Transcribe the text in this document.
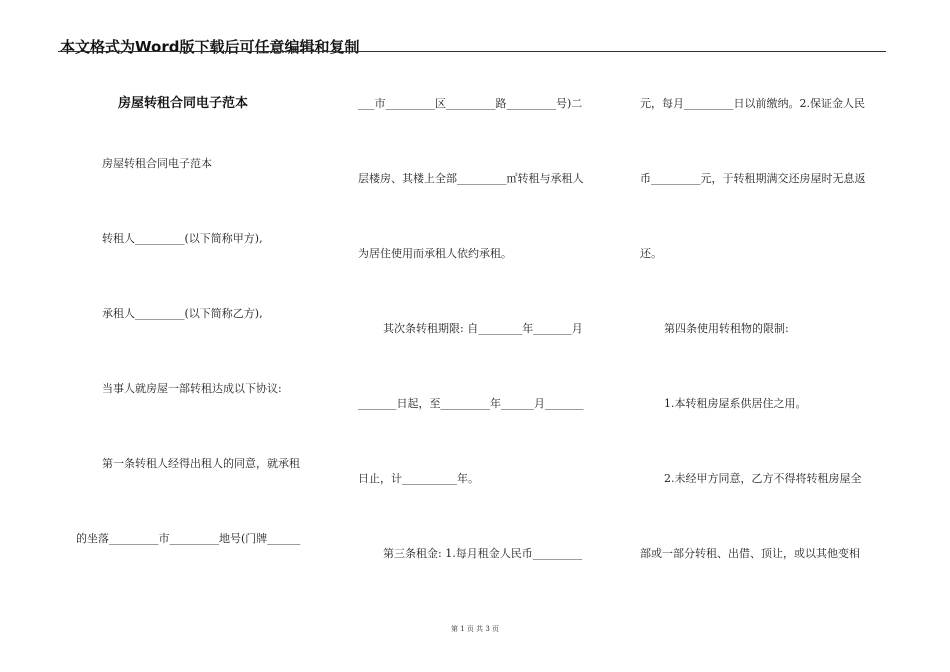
本文格式为Word版下载后可任意编辑和复制
房屋转租合同电子范本
房屋转租合同电子范本
转租人_________(以下简称甲方),
承租人_________(以下简称乙方),
当事人就房屋一部转租达成以下协议:
第一条转租人经得出租人的同意，就承租
的坐落_________市_________地号(门牌______
___市_________区_________路_________号)二
层楼房、其楼上全部_________㎡转租与承租人
为居住使用而承租人依约承租。
其次条转租期限: 自________年_______月
_______日起，至_________年______月_______
日止，计__________年。
第三条租金: 1.每月租金人民币_________
元，每月_________日以前缴纳。2.保证金人民
币_________元，于转租期满交还房屋时无息返
还。
第四条使用转租物的限制:
1.本转租房屋系供居住之用。
2.未经甲方同意，乙方不得将转租房屋全
部或一部分转租、出借、顶让，或以其他变相
第 1 页 共 3 页
